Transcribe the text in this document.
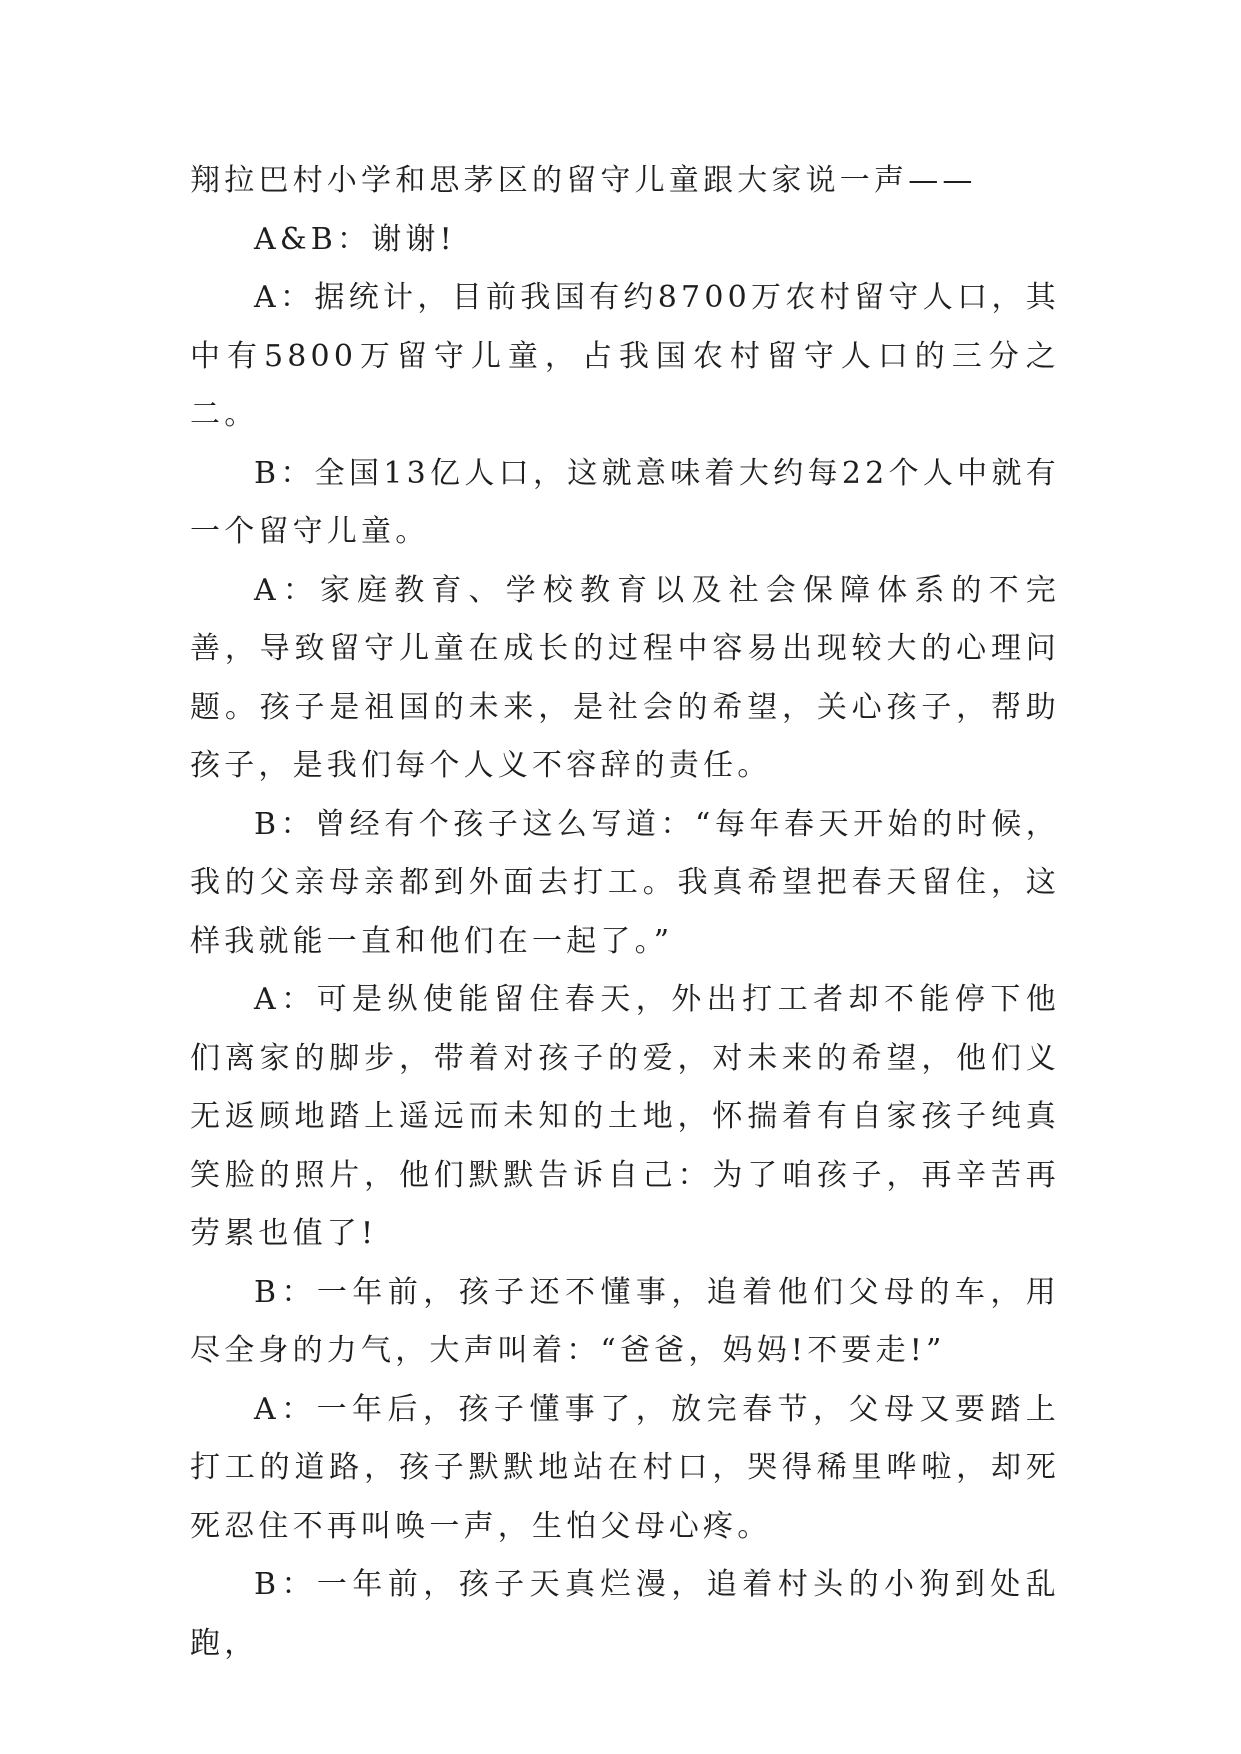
翔拉巴村小学和思茅区的留守儿童跟大家说一声——

A&B：谢谢!

A：据统计，目前我国有约8700万农村留守人口，其中有5800万留守儿童，占我国农村留守人口的三分之二。

B：全国13亿人口，这就意味着大约每22个人中就有一个留守儿童。

A：家庭教育、学校教育以及社会保障体系的不完善，导致留守儿童在成长的过程中容易出现较大的心理问题。孩子是祖国的未来，是社会的希望，关心孩子，帮助孩子，是我们每个人义不容辞的责任。

B：曾经有个孩子这么写道：“每年春天开始的时候，我的父亲母亲都到外面去打工。我真希望把春天留住，这样我就能一直和他们在一起了。”

A：可是纵使能留住春天，外出打工者却不能停下他们离家的脚步，带着对孩子的爱，对未来的希望，他们义无返顾地踏上遥远而未知的土地，怀揣着有自家孩子纯真笑脸的照片，他们默默告诉自己：为了咱孩子，再辛苦再劳累也值了!

B：一年前，孩子还不懂事，追着他们父母的车，用尽全身的力气，大声叫着：“爸爸，妈妈!不要走!”

A：一年后，孩子懂事了，放完春节，父母又要踏上打工的道路，孩子默默地站在村口，哭得稀里哗啦，却死死忍住不再叫唤一声，生怕父母心疼。

B：一年前，孩子天真烂漫，追着村头的小狗到处乱跑，
